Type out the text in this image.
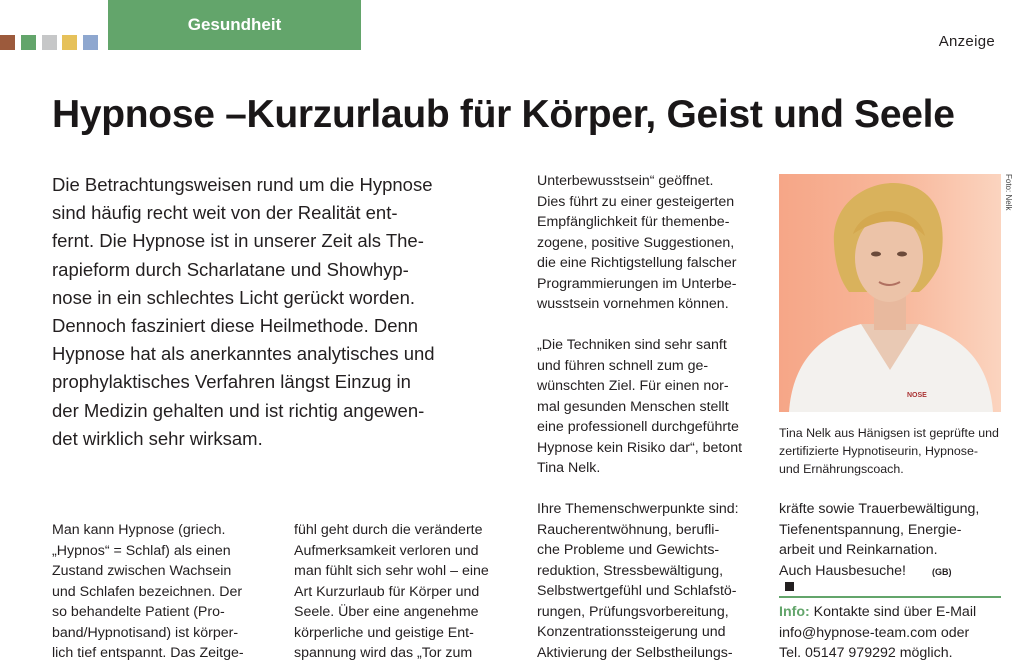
Gesundheit
Anzeige
Hypnose –Kurzurlaub für Körper, Geist und Seele
Die Betrachtungsweisen rund um die Hypnose
sind häufig recht weit von der Realität ent-
fernt. Die Hypnose ist in unserer Zeit als The-
rapieform durch Scharlatane und Showhyp-
nose in ein schlechtes Licht gerückt worden.
Dennoch fasziniert diese Heilmethode. Denn
Hypnose hat als anerkanntes analytisches und
prophylaktisches Verfahren längst Einzug in
der Medizin gehalten und ist richtig angewen-
det wirklich sehr wirksam.
Man kann Hypnose (griech.
„Hypnos“ = Schlaf) als einen
Zustand zwischen Wachsein
und Schlafen bezeichnen. Der
so behandelte Patient (Pro-
band/Hypnotisand) ist körper-
lich tief entspannt. Das Zeitge-
fühl geht durch die veränderte
Aufmerksamkeit verloren und
man fühlt sich sehr wohl – eine
Art Kurzurlaub für Körper und
Seele. Über eine angenehme
körperliche und geistige Ent-
spannung wird das „Tor zum
Unterbewusstsein“ geöffnet.
Dies führt zu einer gesteigerten
Empfänglichkeit für themenbe-
zogene, positive Suggestionen,
die eine Richtigstellung falscher
Programmierungen im Unterbe-
wusstsein vornehmen können.
„Die Techniken sind sehr sanft
und führen schnell zum ge-
wünschten Ziel. Für einen nor-
mal gesunden Menschen stellt
eine professionell durchgeführte
Hypnose kein Risiko dar“, betont
Tina Nelk.
Ihre Themenschwerpunkte sind:
Raucherentwöhnung, berufli-
che Probleme und Gewichts-
reduktion, Stressbewältigung,
Selbstwertgefühl und Schlafstö-
rungen, Prüfungsvorbereitung,
Konzentrationssteigerung und
Aktivierung der Selbstheilungs-
NOSE
Foto: Nelk
Tina Nelk aus Hänigsen ist geprüfte und
zertifizierte Hypnotiseurin, Hypnose-
und Ernährungscoach.
kräfte sowie Trauerbewältigung,
Tiefenentspannung, Energie-
arbeit und Reinkarnation.
Auch Hausbesuche!	(GB)
Info: Kontakte sind über E-Mail
info@hypnose-team.com oder
Tel. 05147 979292 möglich.
